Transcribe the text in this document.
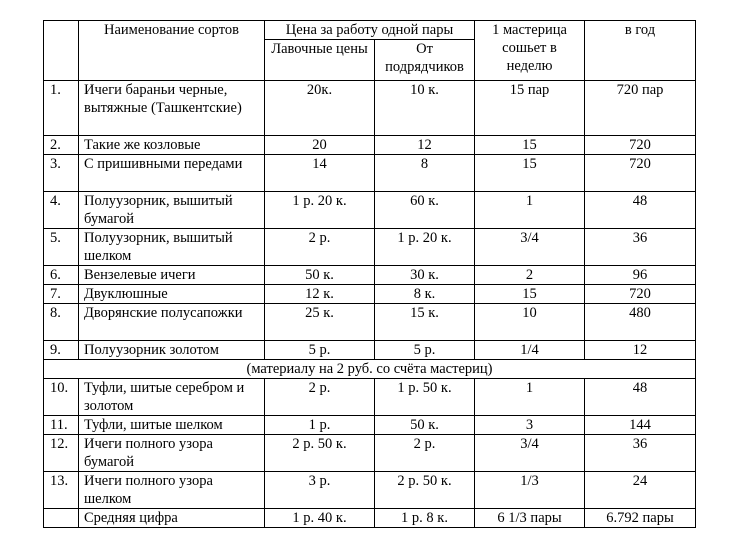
	Наименование сортов	Цена за работу одной пары		1 мастерица сошьет в неделю	в год
		Лавочные цены	От подрядчиков		
1.	Ичеги бараньи черные, вытяжные (Ташкентские)	20к.	10 к.	15 пар	720 пар
2.	Такие же козловые	20	12	15	720
3.	С пришивными передами	14	8	15	720
4.	Полуузорник, вышитый бумагой	1 р. 20 к.	60 к.	1	48
5.	Полуузорник, вышитый шелком	2 р.	1 р. 20 к.	3/4	36
6.	Вензелевые ичеги	50 к.	30 к.	2	96
7.	Двуклюшные	12 к.	8 к.	15	720
8.	Дворянские полусапожки	25 к.	15 к.	10	480
9.	Полуузорник золотом	5 р.	5 р.	1/4	12
(материалу на 2 руб. со счёта мастериц)					
10.	Туфли, шитые серебром и золотом	2 р.	1 р. 50 к.	1	48
11.	Туфли, шитые шелком	1 р.	50 к.	3	144
12.	Ичеги полного узора бумагой	2 р. 50 к.	2 р.	3/4	36
13.	Ичеги полного узора шелком	3 р.	2 р. 50 к.	1/3	24
	Средняя цифра	1 р. 40 к.	1 р. 8 к.	6 1/3 пары	6.792 пары
